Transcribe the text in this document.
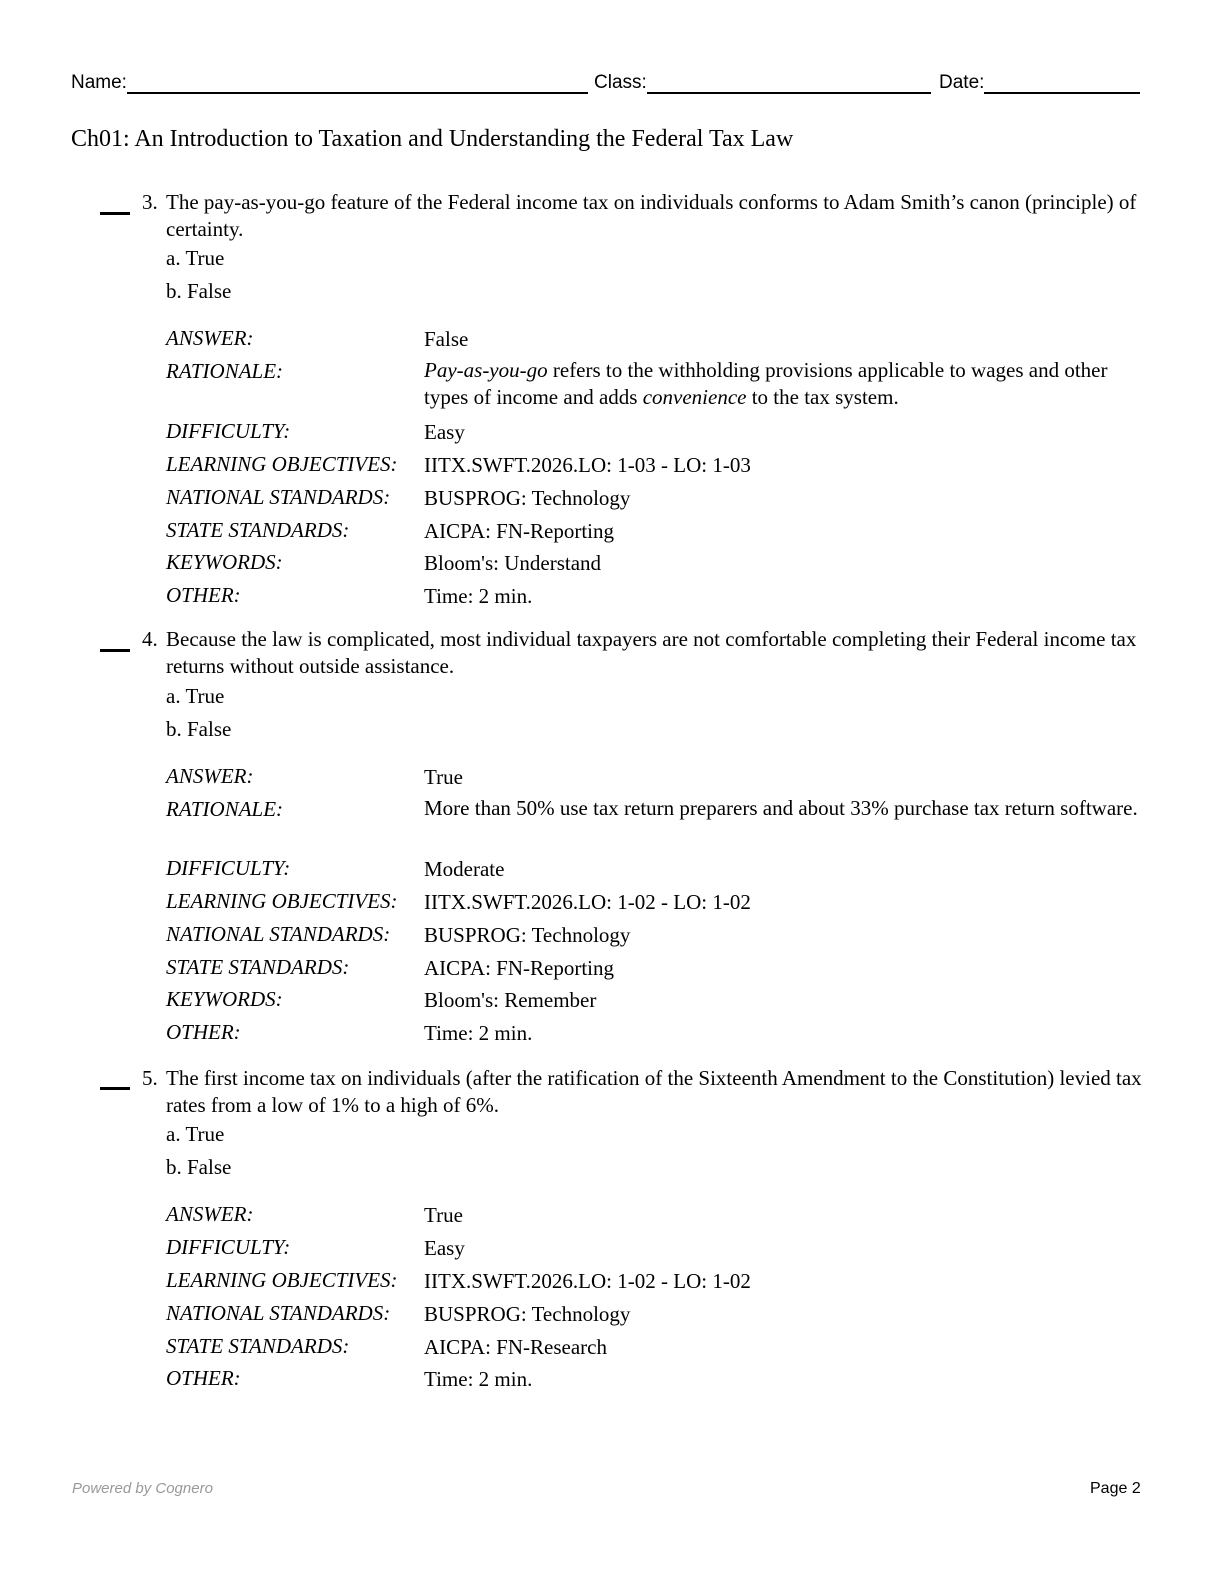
Name:	Class:	Date:
Ch01: An Introduction to Taxation and Understanding the Federal Tax Law
3. The pay-as-you-go feature of the Federal income tax on individuals conforms to Adam Smith’s canon (principle) of certainty.
a. True
b. False
ANSWER:	False
RATIONALE:	Pay-as-you-go refers to the withholding provisions applicable to wages and other types of income and adds convenience to the tax system.
DIFFICULTY:	Easy
LEARNING OBJECTIVES: IITX.SWFT.2026.LO: 1-03 - LO: 1-03
NATIONAL STANDARDS: BUSPROG: Technology
STATE STANDARDS:	AICPA: FN-Reporting
KEYWORDS:	Bloom's: Understand
OTHER:	Time: 2 min.
4. Because the law is complicated, most individual taxpayers are not comfortable completing their Federal income tax returns without outside assistance.
a. True
b. False
ANSWER:	True
RATIONALE:	More than 50% use tax return preparers and about 33% purchase tax return software.
DIFFICULTY:	Moderate
LEARNING OBJECTIVES: IITX.SWFT.2026.LO: 1-02 - LO: 1-02
NATIONAL STANDARDS: BUSPROG: Technology
STATE STANDARDS:	AICPA: FN-Reporting
KEYWORDS:	Bloom's: Remember
OTHER:	Time: 2 min.
5. The first income tax on individuals (after the ratification of the Sixteenth Amendment to the Constitution) levied tax rates from a low of 1% to a high of 6%.
a. True
b. False
ANSWER:	True
DIFFICULTY:	Easy
LEARNING OBJECTIVES: IITX.SWFT.2026.LO: 1-02 - LO: 1-02
NATIONAL STANDARDS: BUSPROG: Technology
STATE STANDARDS:	AICPA: FN-Research
OTHER:	Time: 2 min.
Powered by Cognero	Page 2
